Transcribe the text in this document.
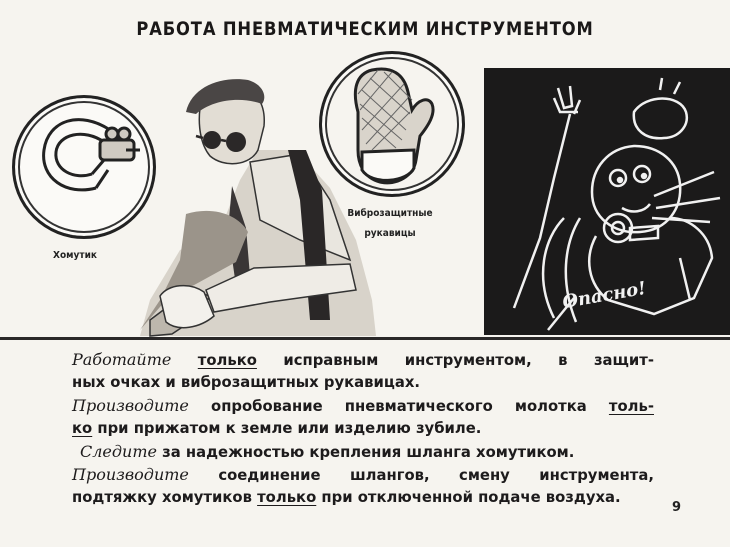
РАБОТА ПНЕВМАТИЧЕСКИМ ИНСТРУМЕНТОМ
Хомутик
Виброзащитные
рукавицы
Опасно!

Работайте только исправным инструментом, в защит-

ных очках и виброзащитных рукавицах.

Производите опробование пневматического молотка толь-

ко при прижатом к земле или изделию зубиле.

Следите за надежностью крепления шланга хомутиком.

Производите соединение шлангов, смену инструмента,

подтяжку хомутиков только при отключенной подаче воздуха.

9
